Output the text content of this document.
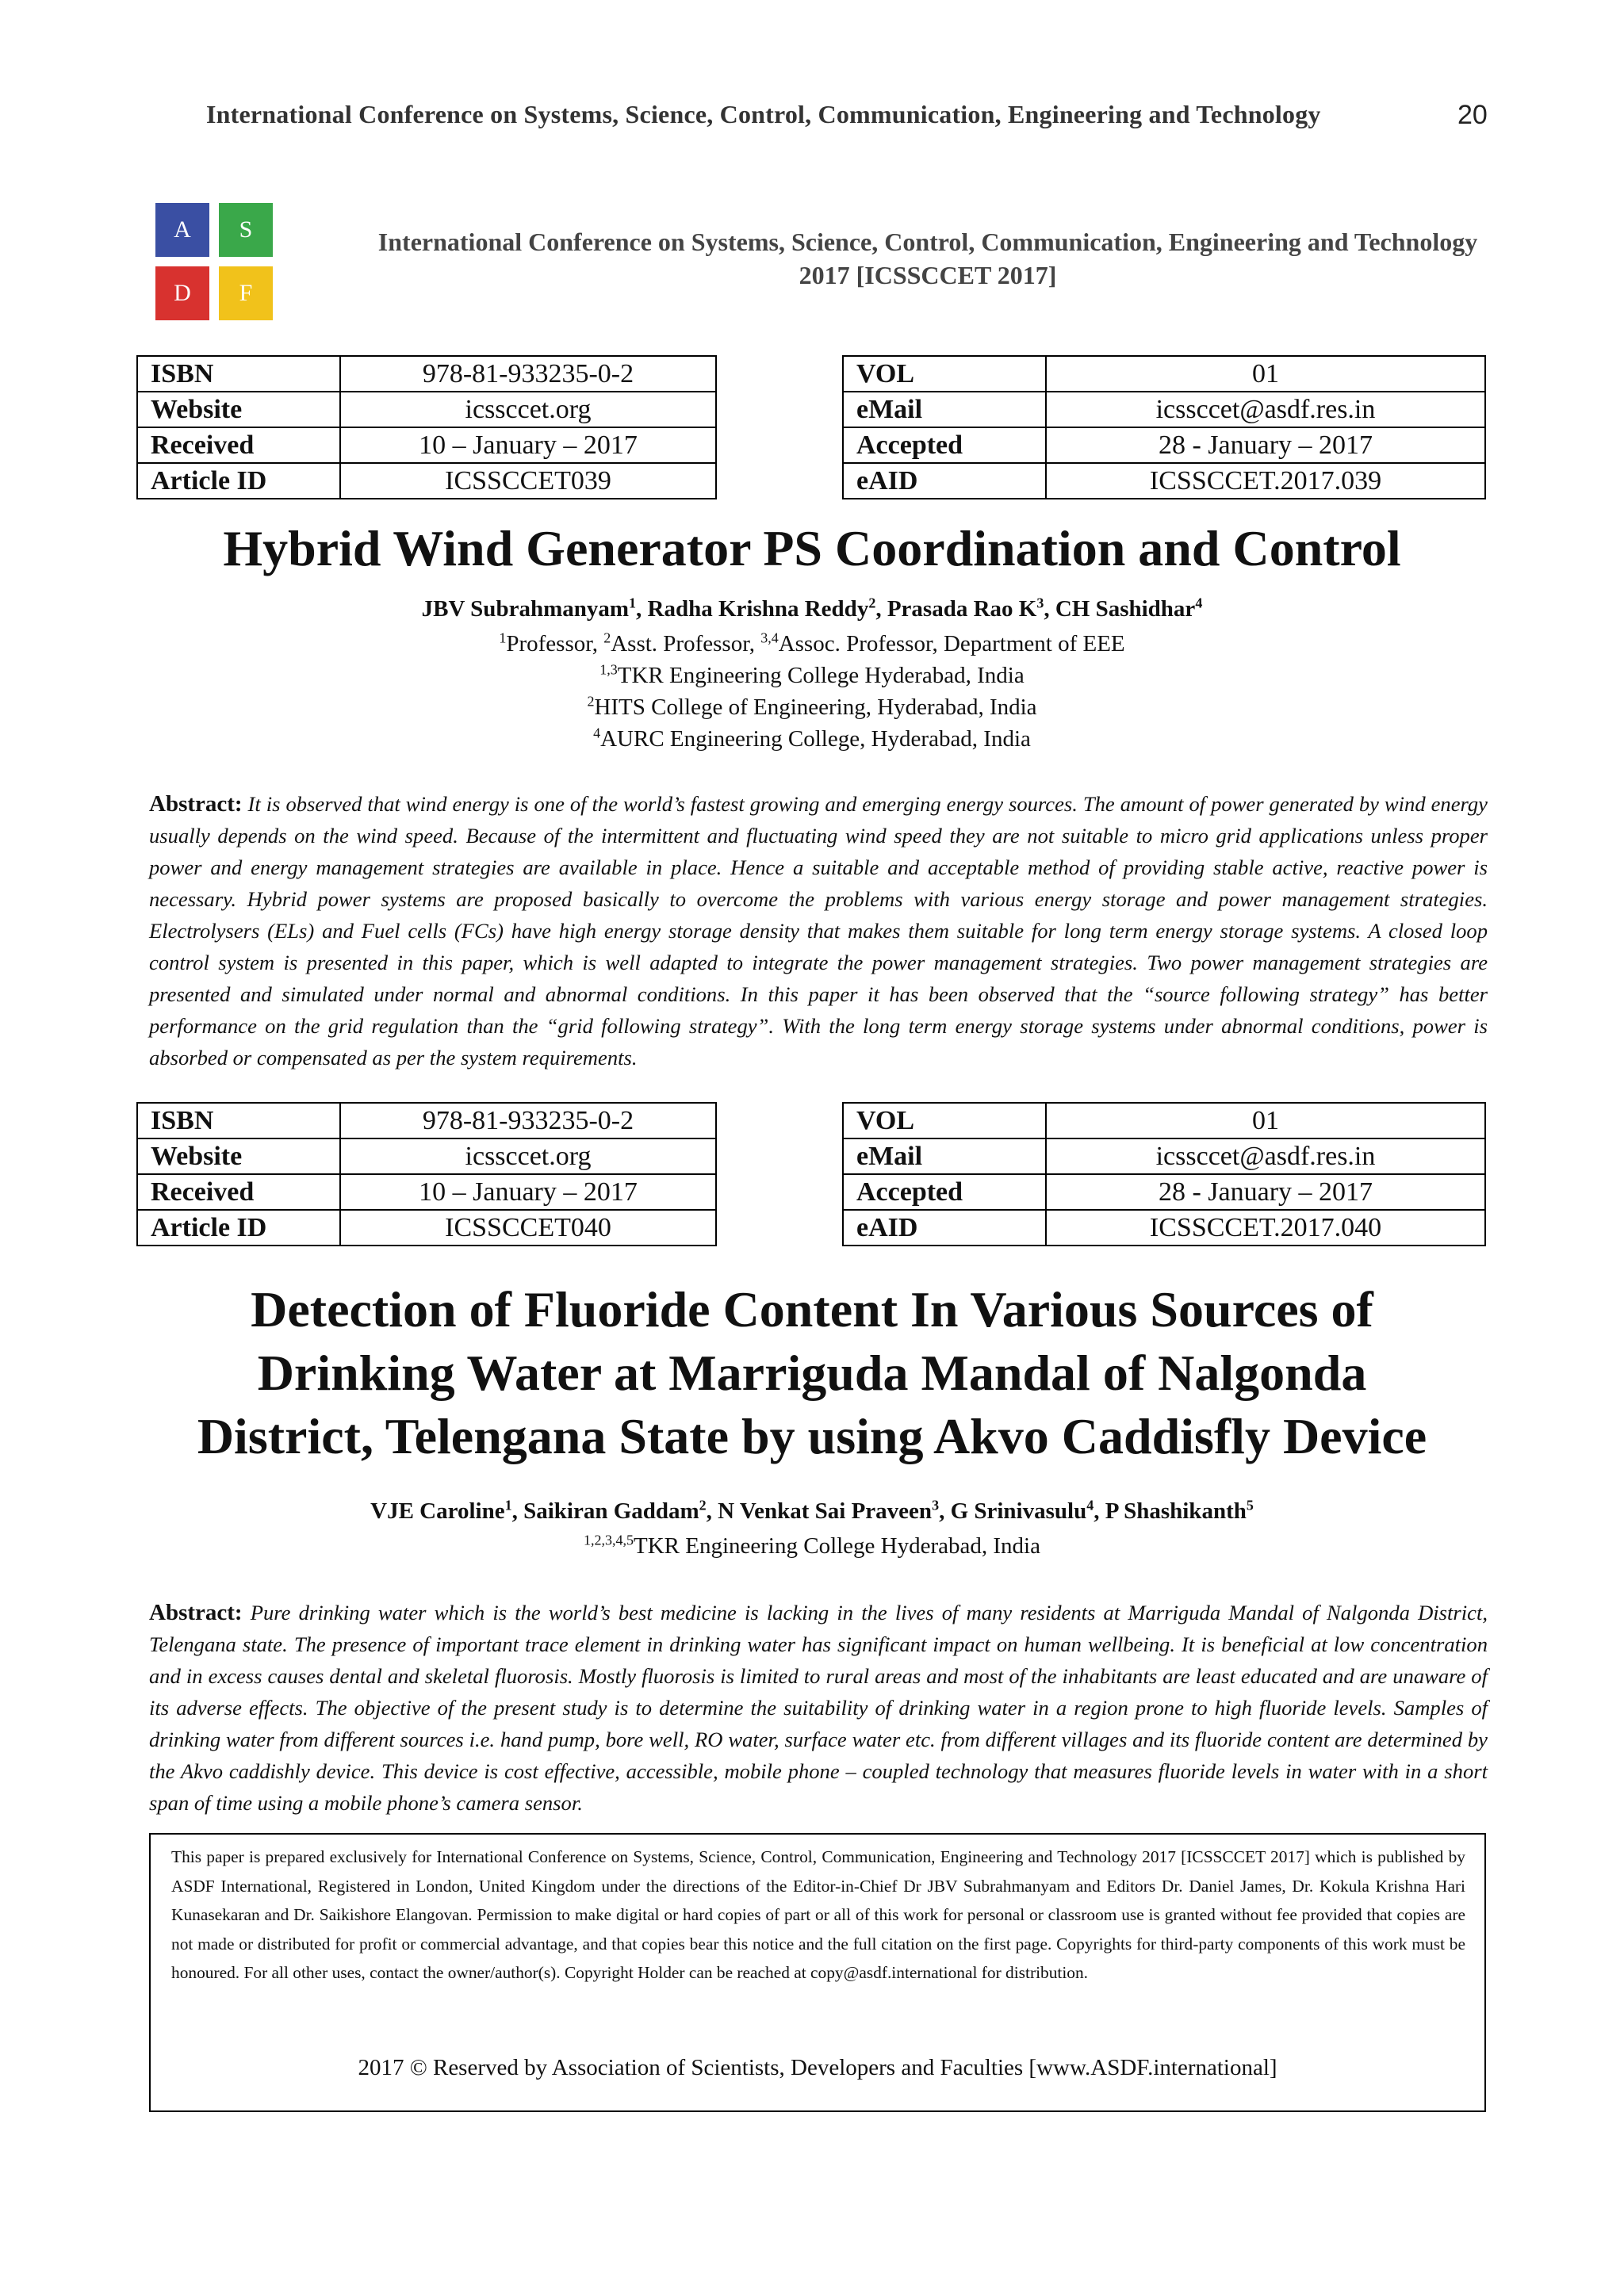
International Conference on Systems, Science, Control, Communication, Engineering and Technology	20
A	S
D	F
International Conference on Systems, Science, Control, Communication, Engineering and Technology 2017 [ICSSCCET 2017]
ISBN	978-81-933235-0-2
Website	icssccet.org
Received	10 – January – 2017
Article ID	ICSSCCET039
VOL	01
eMail	icssccet@asdf.res.in
Accepted	28 - January – 2017
eAID	ICSSCCET.2017.039
Hybrid Wind Generator PS Coordination and Control
JBV Subrahmanyam$^1$, Radha Krishna Reddy$^2$, Prasada Rao $K^3$, CH Sashidhar$^4$
$^1$Professor, $^2$Asst. Professor, $^{3,4}$Assoc. Professor, Department of EEE
$^{1,3}$TKR Engineering College Hyderabad, India
$^2$HITS College of Engineering, Hyderabad, India
$^4$AURC Engineering College, Hyderabad, India
Abstract: It is observed that wind energy is one of the world’s fastest growing and emerging energy sources. The amount of power generated by wind energy usually depends on the wind speed. Because of the intermittent and fluctuating wind speed they are not suitable to micro grid applications unless proper power and energy management strategies are available in place. Hence a suitable and acceptable method of providing stable active, reactive power is necessary. Hybrid power systems are proposed basically to overcome the problems with various energy storage and power management strategies. Electrolysers (ELs) and Fuel cells (FCs) have high energy storage density that makes them suitable for long term energy storage systems. A closed loop control system is presented in this paper, which is well adapted to integrate the power management strategies. Two power management strategies are presented and simulated under normal and abnormal conditions. In this paper it has been observed that the “source following strategy” has better performance on the grid regulation than the “grid following strategy”. With the long term energy storage systems under abnormal conditions, power is absorbed or compensated as per the system requirements.
ISBN	978-81-933235-0-2
Website	icssccet.org
Received	10 – January – 2017
Article ID	ICSSCCET040
VOL	01
eMail	icssccet@asdf.res.in
Accepted	28 - January – 2017
eAID	ICSSCCET.2017.040
Detection of Fluoride Content In Various Sources of
Drinking Water at Marriguda Mandal of Nalgonda
District, Telengana State by using Akvo Caddisfly Device
VJE Caroline$^1$, Saikiran Gaddam$^2$, N Venkat Sai Praveen$^3$, G Srinivasulu$^4$, P Shashikanth$^5$
$^{1,2,3,4,5}$TKR Engineering College Hyderabad, India
Abstract: Pure drinking water which is the world’s best medicine is lacking in the lives of many residents at Marriguda Mandal of Nalgonda District, Telengana state. The presence of important trace element in drinking water has significant impact on human wellbeing. It is beneficial at low concentration and in excess causes dental and skeletal fluorosis. Mostly fluorosis is limited to rural areas and most of the inhabitants are least educated and are unaware of its adverse effects. The objective of the present study is to determine the suitability of drinking water in a region prone to high fluoride levels. Samples of drinking water from different sources i.e. hand pump, bore well, RO water, surface water etc. from different villages and its fluoride content are determined by the Akvo caddishly device. This device is cost effective, accessible, mobile phone – coupled technology that measures fluoride levels in water with in a short span of time using a mobile phone’s camera sensor.
This paper is prepared exclusively for International Conference on Systems, Science, Control, Communication, Engineering and Technology 2017 [ICSSCCET 2017] which is published by ASDF International, Registered in London, United Kingdom under the directions of the Editor-in-Chief Dr JBV Subrahmanyam and Editors Dr. Daniel James, Dr. Kokula Krishna Hari Kunasekaran and Dr. Saikishore Elangovan. Permission to make digital or hard copies of part or all of this work for personal or classroom use is granted without fee provided that copies are not made or distributed for profit or commercial advantage, and that copies bear this notice and the full citation on the first page. Copyrights for third-party components of this work must be honoured. For all other uses, contact the owner/author(s). Copyright Holder can be reached at copy@asdf.international for distribution.
2017 © Reserved by Association of Scientists, Developers and Faculties [www.ASDF.international]
